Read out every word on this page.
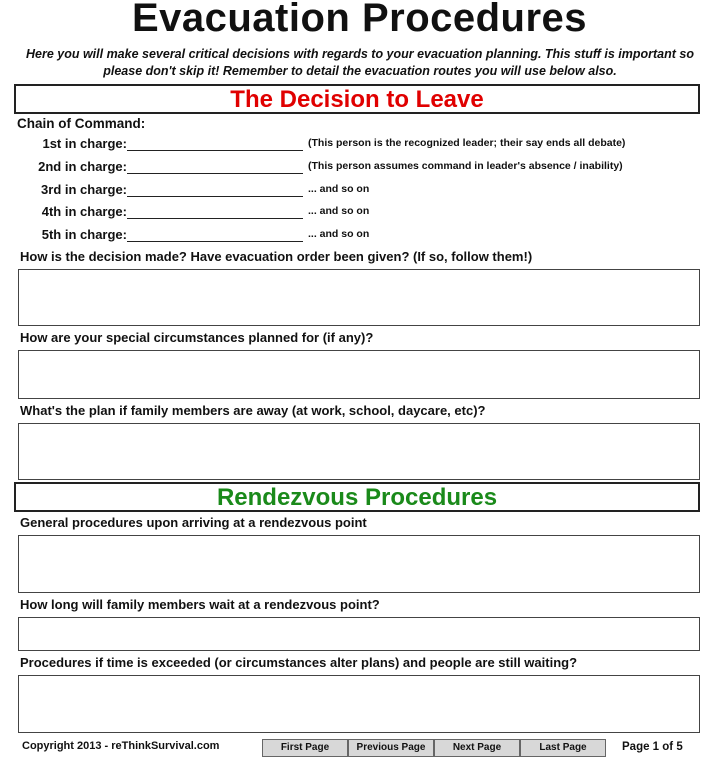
Evacuation Procedures
Here you will make several critical decisions with regards to your evacuation planning. This stuff is important so please don't skip it! Remember to detail the evacuation routes you will use below also.
The Decision to Leave
Chain of Command:
1st in charge:	(This person is the recognized leader; their say ends all debate)
2nd in charge:	(This person assumes command in leader's absence / inability)
3rd in charge:	... and so on
4th in charge:	... and so on
5th in charge:	... and so on
How is the decision made? Have evacuation order been given? (If so, follow them!)
How are your special circumstances planned for (if any)?
What's the plan if family members are away (at work, school, daycare, etc)?
Rendezvous Procedures
General procedures upon arriving at a rendezvous point
How long will family members wait at a rendezvous point?
Procedures if time is exceeded (or circumstances alter plans) and people are still waiting?
Copyright 2013 - reThinkSurvival.com	First Page	Previous Page	Next Page	Last Page	Page 1 of 5
